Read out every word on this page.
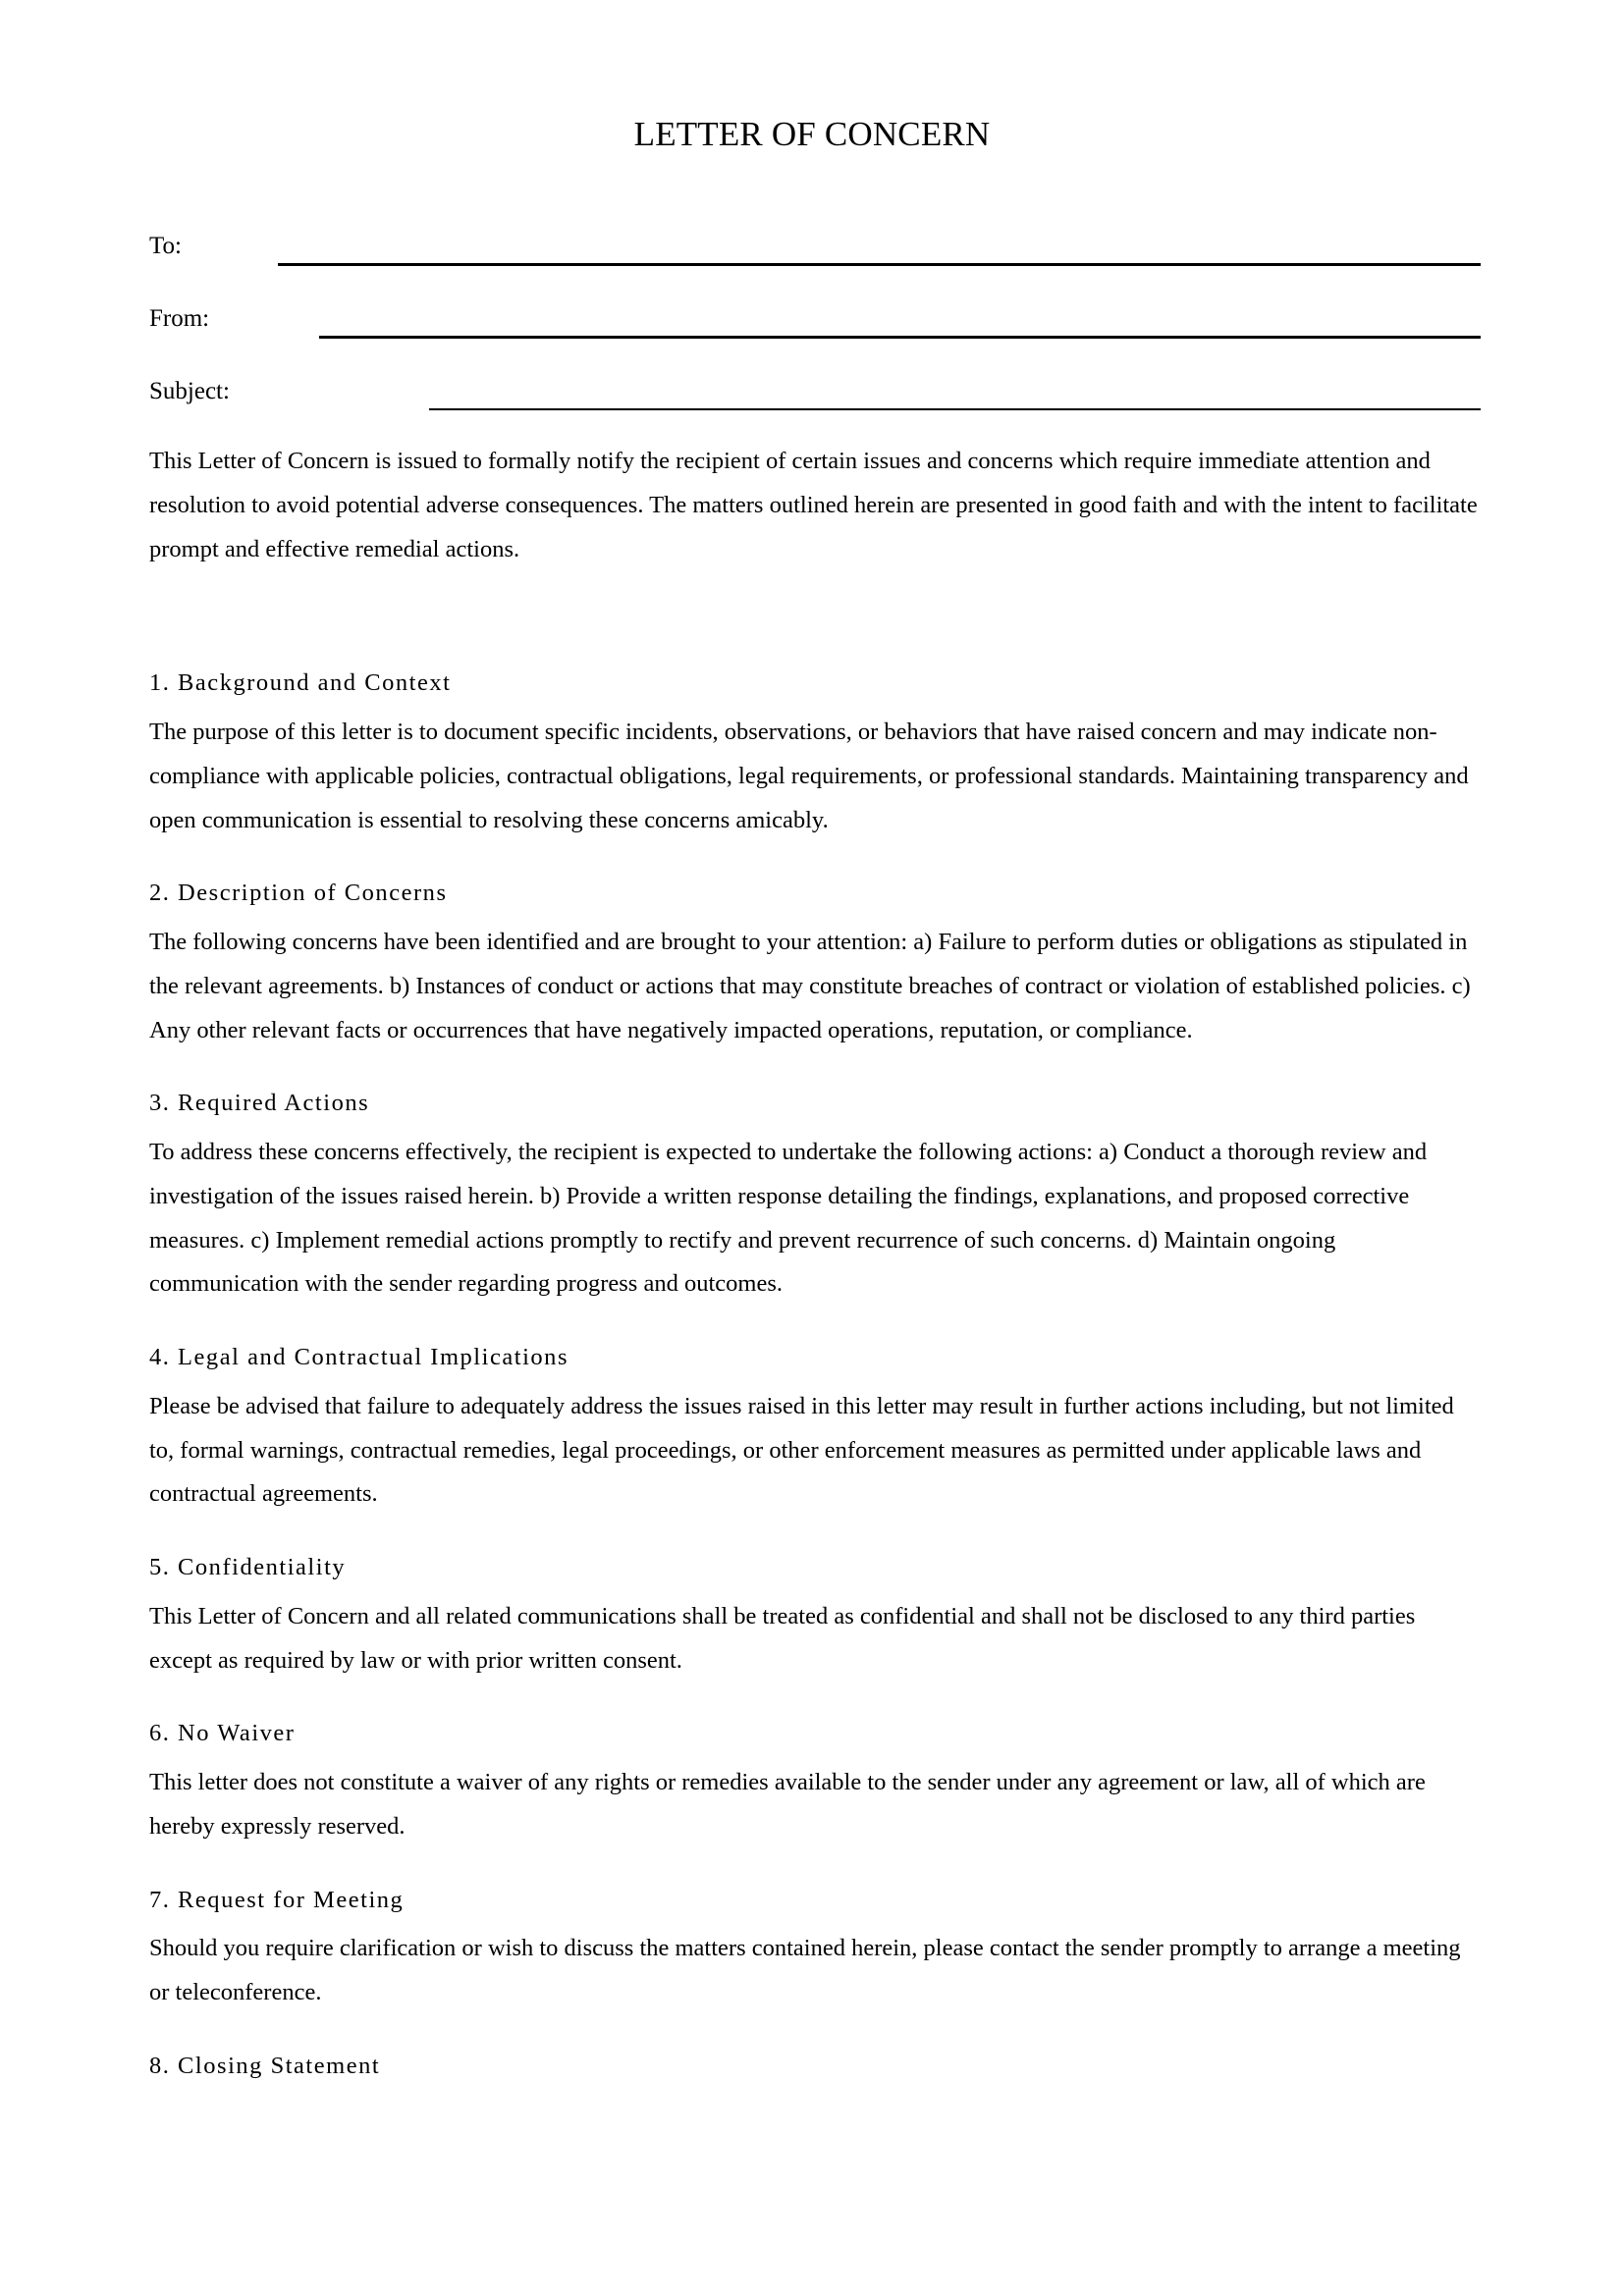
LETTER OF CONCERN
To:
From:
Subject:

This Letter of Concern is issued to formally notify the recipient of certain issues and concerns which require immediate attention and resolution to avoid potential adverse consequences. The matters outlined herein are presented in good faith and with the intent to facilitate prompt and effective remedial actions.

1. Background and Context

The purpose of this letter is to document specific incidents, observations, or behaviors that have raised concern and may indicate non-compliance with applicable policies, contractual obligations, legal requirements, or professional standards. Maintaining transparency and open communication is essential to resolving these concerns amicably.

2. Description of Concerns

The following concerns have been identified and are brought to your attention: a) Failure to perform duties or obligations as stipulated in the relevant agreements. b) Instances of conduct or actions that may constitute breaches of contract or violation of established policies. c) Any other relevant facts or occurrences that have negatively impacted operations, reputation, or compliance.

3. Required Actions

To address these concerns effectively, the recipient is expected to undertake the following actions: a) Conduct a thorough review and investigation of the issues raised herein. b) Provide a written response detailing the findings, explanations, and proposed corrective measures. c) Implement remedial actions promptly to rectify and prevent recurrence of such concerns. d) Maintain ongoing communication with the sender regarding progress and outcomes.

4. Legal and Contractual Implications

Please be advised that failure to adequately address the issues raised in this letter may result in further actions including, but not limited to, formal warnings, contractual remedies, legal proceedings, or other enforcement measures as permitted under applicable laws and contractual agreements.

5. Confidentiality

This Letter of Concern and all related communications shall be treated as confidential and shall not be disclosed to any third parties except as required by law or with prior written consent.

6. No Waiver

This letter does not constitute a waiver of any rights or remedies available to the sender under any agreement or law, all of which are hereby expressly reserved.

7. Request for Meeting

Should you require clarification or wish to discuss the matters contained herein, please contact the sender promptly to arrange a meeting or teleconference.

8. Closing Statement
